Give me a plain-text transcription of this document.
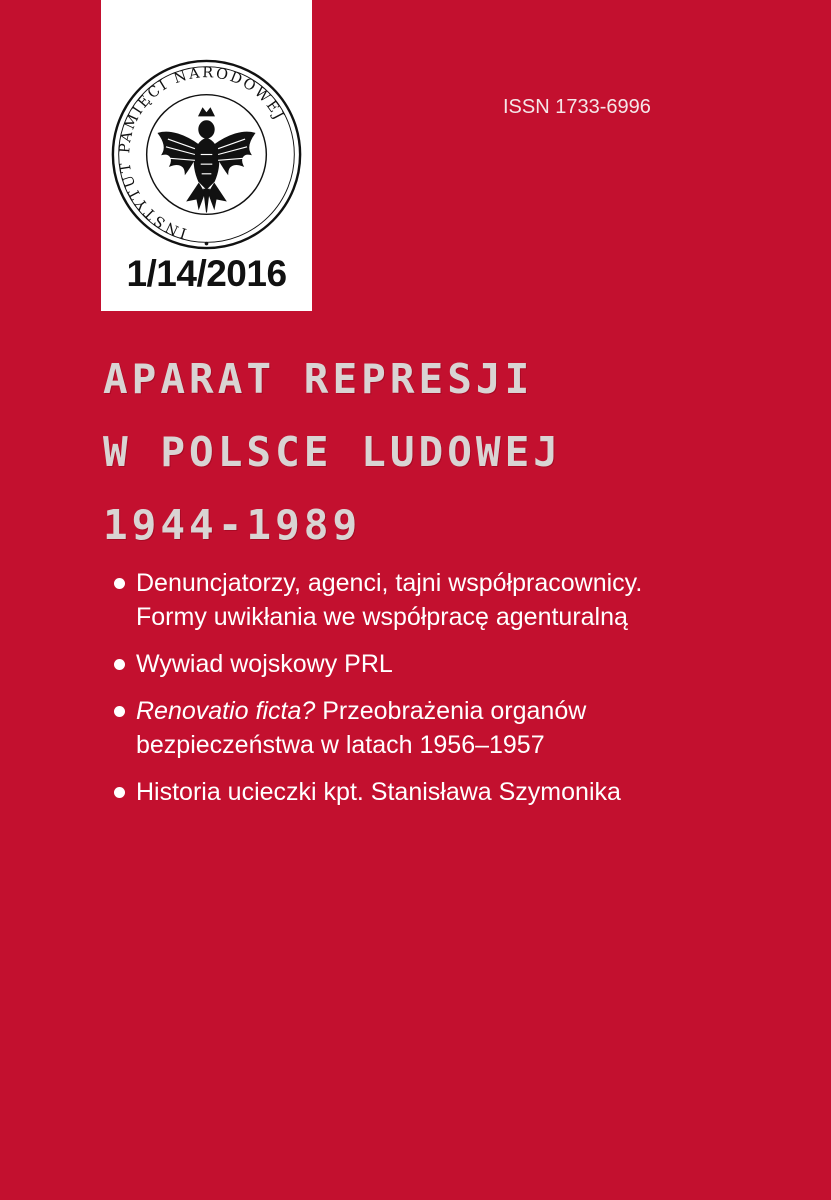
INSTYTUT PAMIĘCI NARODOWEJ
●
1/14/2016
ISSN 1733-6996
APARAT REPRESJI
W POLSCE LUDOWEJ
1944-1989
Denuncjatorzy, agenci, tajni współpracownicy.
Formy uwikłania we współpracę agenturalną
Wywiad wojskowy PRL
Renovatio ficta? Przeobrażenia organów
bezpieczeństwa w latach 1956–1957
Historia ucieczki kpt. Stanisława Szymonika
